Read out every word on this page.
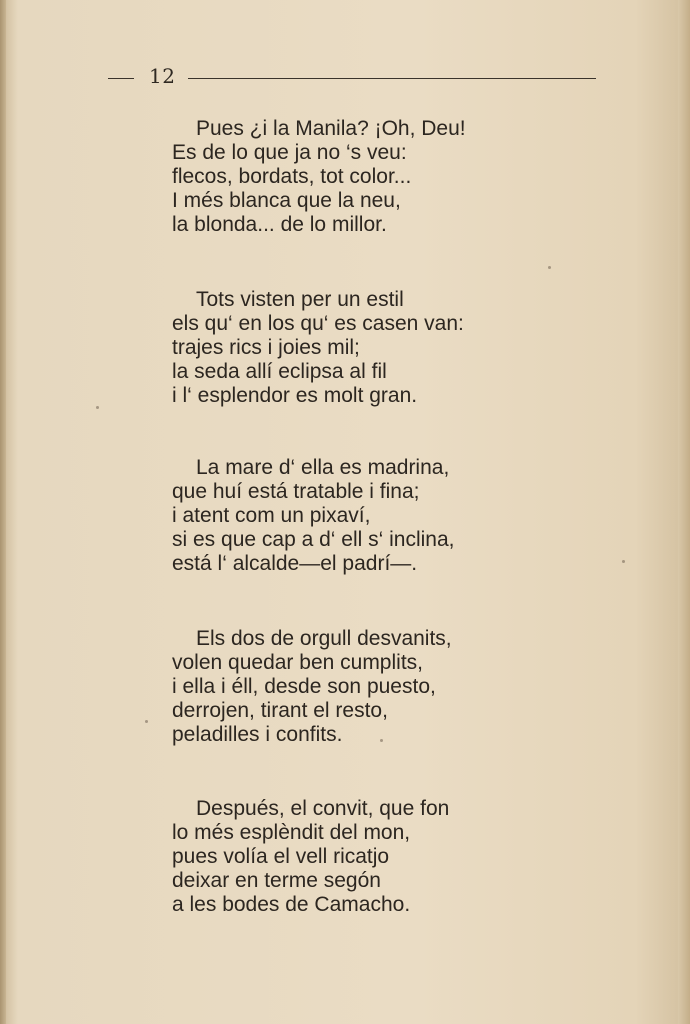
12
Pues ¿i la Manila? ¡Oh, Deu!
Es de lo que ja no ‘s veu:
flecos, bordats, tot color...
I més blanca que la neu,
la blonda... de lo millor.
Tots visten per un estil
els qu‘ en los qu‘ es casen van:
trajes rics i joies mil;
la seda allí eclipsa al fil
i l‘ esplendor es molt gran.
La mare d‘ ella es madrina,
que huí está tratable i fina;
i atent com un pixaví,
si es que cap a d‘ ell s‘ inclina,
está l‘ alcalde—el padrí—.
Els dos de orgull desvanits,
volen quedar ben cumplits,
i ella i éll, desde son puesto,
derrojen, tirant el resto,
peladilles i confits.
Después, el convit, que fon
lo més esplèndit del mon,
pues volía el vell ricatjo
deixar en terme segón
a les bodes de Camacho.
